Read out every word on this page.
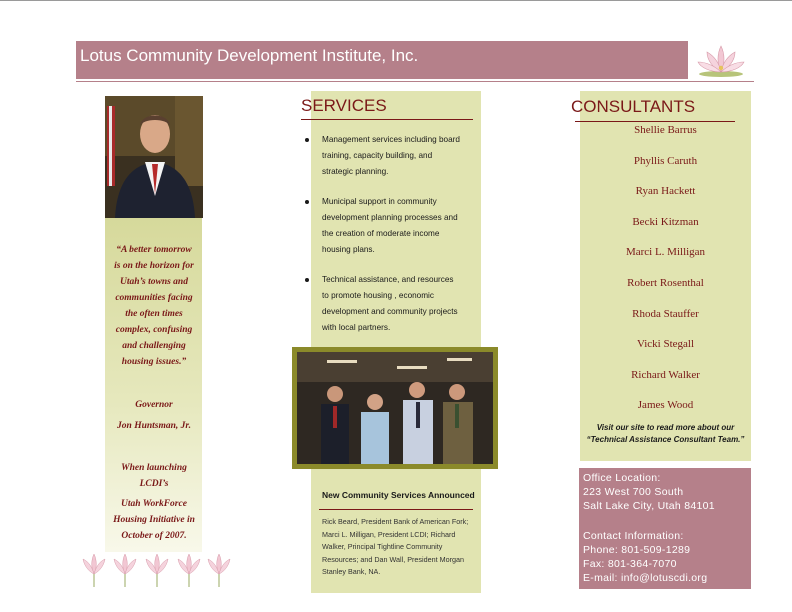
Lotus Community Development Institute, Inc.
“A better tomorrow
is on the horizon for
Utah’s towns and
communities facing
the often times
complex, confusing
and challenging
housing issues.”
Governor
Jon Huntsman, Jr.
When launching
LCDI’s
Utah WorkForce
Housing Initiative in
October of 2007.
SERVICES
Management services including board
training, capacity building, and
strategic planning.
Municipal support in community
development planning processes and
the creation of moderate income
housing plans.
Technical assistance, and resources
to promote housing , economic
development and community projects
with local partners.
New Community Services Announced
Rick Beard, President Bank of American Fork;
Marci L. Milligan, President LCDI; Richard
Walker, Principal Tightline Community
Resources; and Dan Wall, President Morgan
Stanley Bank, NA.
CONSULTANTS
Shellie Barrus
Phyllis Caruth
Ryan Hackett
Becki Kitzman
Marci L. Milligan
Robert Rosenthal
Rhoda Stauffer
Vicki Stegall
Richard Walker
James Wood
Visit our site to read more about our
“Technical Assistance Consultant Team.”
Office Location:
223 West 700 South
Salt Lake City, Utah 84101
Contact Information:
Phone: 801-509-1289
Fax: 801-364-7070
E-mail: info@lotuscdi.org
